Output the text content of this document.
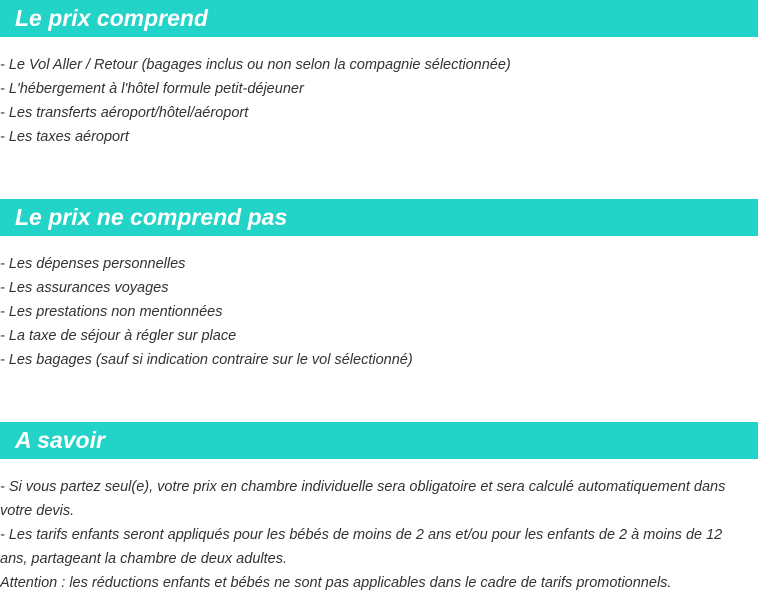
Le prix comprend
- Le Vol Aller / Retour (bagages inclus ou non selon la compagnie sélectionnée)
- L'hébergement à l'hôtel formule petit-déjeuner
- Les transferts aéroport/hôtel/aéroport
- Les taxes aéroport
Le prix ne comprend pas
- Les dépenses personnelles
- Les assurances voyages
- Les prestations non mentionnées
- La taxe de séjour à régler sur place
- Les bagages (sauf si indication contraire sur le vol sélectionné)
A savoir

- Si vous partez seul(e), votre prix en chambre individuelle sera obligatoire et sera calculé automatiquement dans votre devis.

- Les tarifs enfants seront appliqués pour les bébés de moins de 2 ans et/ou pour les enfants de 2 à moins de 12 ans, partageant la chambre de deux adultes.

Attention : les réductions enfants et bébés ne sont pas applicables dans le cadre de tarifs promotionnels.
